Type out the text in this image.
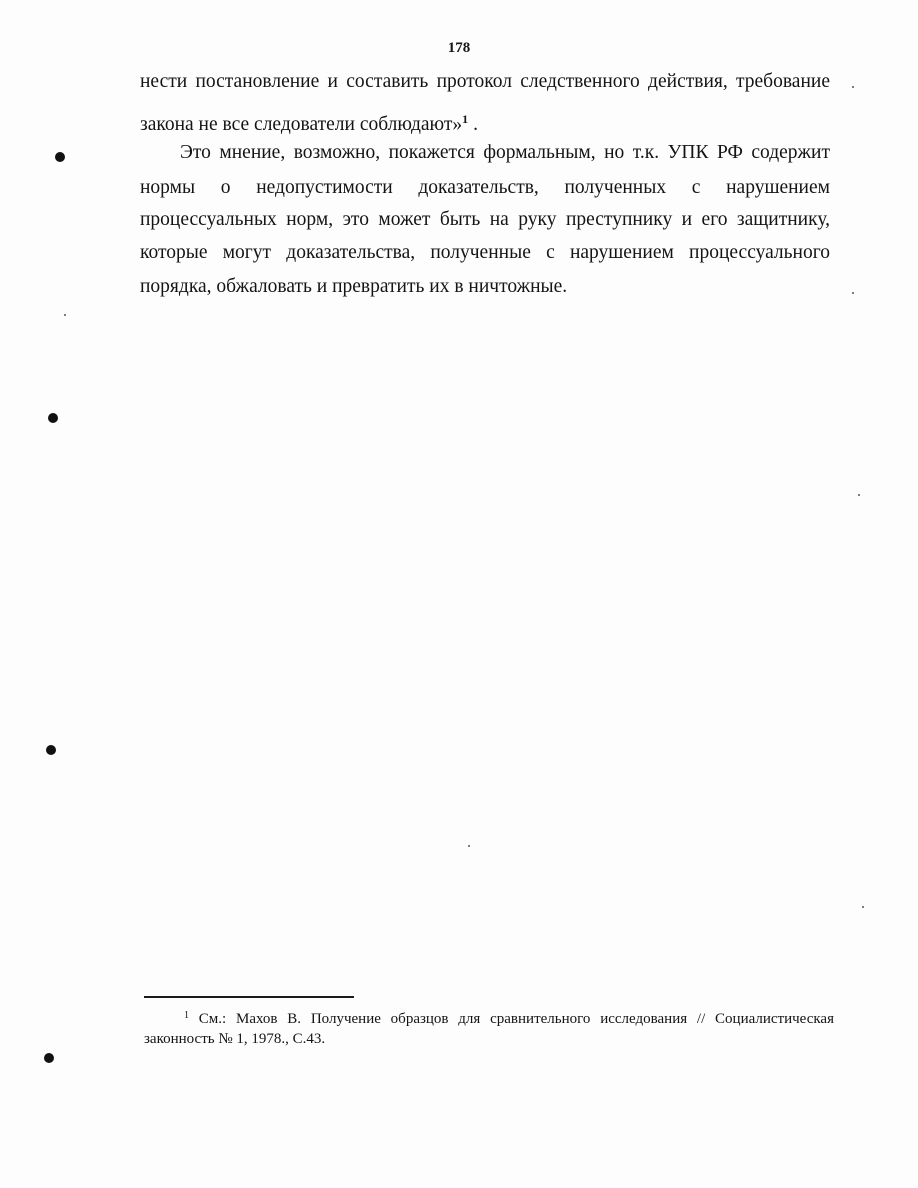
178
нести постановление и составить протокол следственного действия, требование
закона не все следователи соблюдают»$^1$ .
Это мнение, возможно, покажется формальным, но т.к. УПК РФ содержит
нормы о недопустимости доказательств, полученных с нарушением
процессуальных норм, это может быть на руку преступнику и его защитнику,
которые могут доказательства, полученные с нарушением процессуального
порядка, обжаловать и превратить их в ничтожные.
$^1$ См.: Махов В. Получение образцов для сравнительного исследования // Социалистическая
законность № 1, 1978., С.43.
